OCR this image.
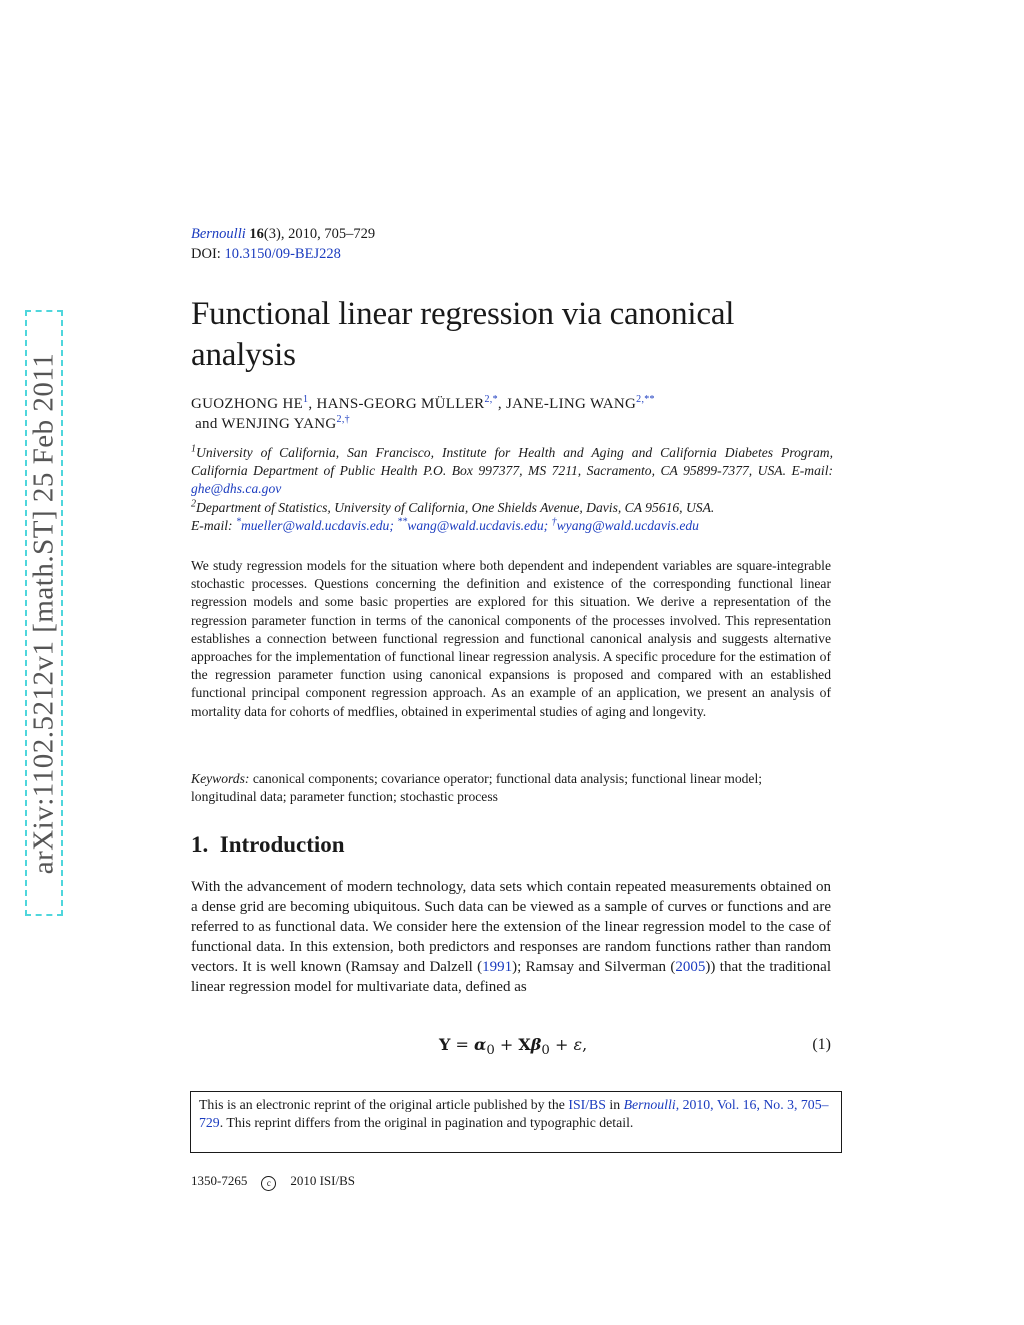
arXiv:1102.5212v1 [math.ST] 25 Feb 2011
Bernoulli 16(3), 2010, 705–729
DOI: 10.3150/09-BEJ228
Functional linear regression via canonical analysis
GUOZHONG $HE^1$, HANS-GEORG $MÜLLER^{2,*}$, JANE-LING $WANG^{2,**}$
and WENJING $YANG^{2,\dagger}$
$^1$University of California, San Francisco, Institute for Health and Aging and California Diabetes Program, California Department of Public Health P.O. Box 997377, MS 7211, Sacramento, CA 95899-7377, USA. E-mail: ghe@dhs.ca.gov
$^2$Department of Statistics, University of California, One Shields Avenue, Davis, CA 95616, USA.
E-mail: *mueller@wald.ucdavis.edu; **wang@wald.ucdavis.edu; †wyang@wald.ucdavis.edu

We study regression models for the situation where both dependent and independent variables are square-integrable stochastic processes. Questions concerning the definition and existence of the corresponding functional linear regression models and some basic properties are explored for this situation. We derive a representation of the regression parameter function in terms of the canonical components of the processes involved. This representation establishes a connection between functional regression and functional canonical analysis and suggests alternative approaches for the implementation of functional linear regression analysis. A specific procedure for the estimation of the regression parameter function using canonical expansions is proposed and compared with an established functional principal component regression approach. As an example of an application, we present an analysis of mortality data for cohorts of medflies, obtained in experimental studies of aging and longevity.

Keywords: canonical components; covariance operator; functional data analysis; functional linear model; longitudinal data; parameter function; stochastic process
1. Introduction

With the advancement of modern technology, data sets which contain repeated measurements obtained on a dense grid are becoming ubiquitous. Such data can be viewed as a sample of curves or functions and are referred to as functional data. We consider here the extension of the linear regression model to the case of functional data. In this extension, both predictors and responses are random functions rather than random vectors. It is well known (Ramsay and Dalzell (1991); Ramsay and Silverman (2005)) that the traditional linear regression model for multivariate data, defined as

$Y = \alpha_0 + X\beta_0 + \varepsilon$,	(1)
This is an electronic reprint of the original article published by the ISI/BS in Bernoulli, 2010, Vol. 16, No. 3, 705–729. This reprint differs from the original in pagination and typographic detail.
1350-7265 c 2010 ISI/BS
